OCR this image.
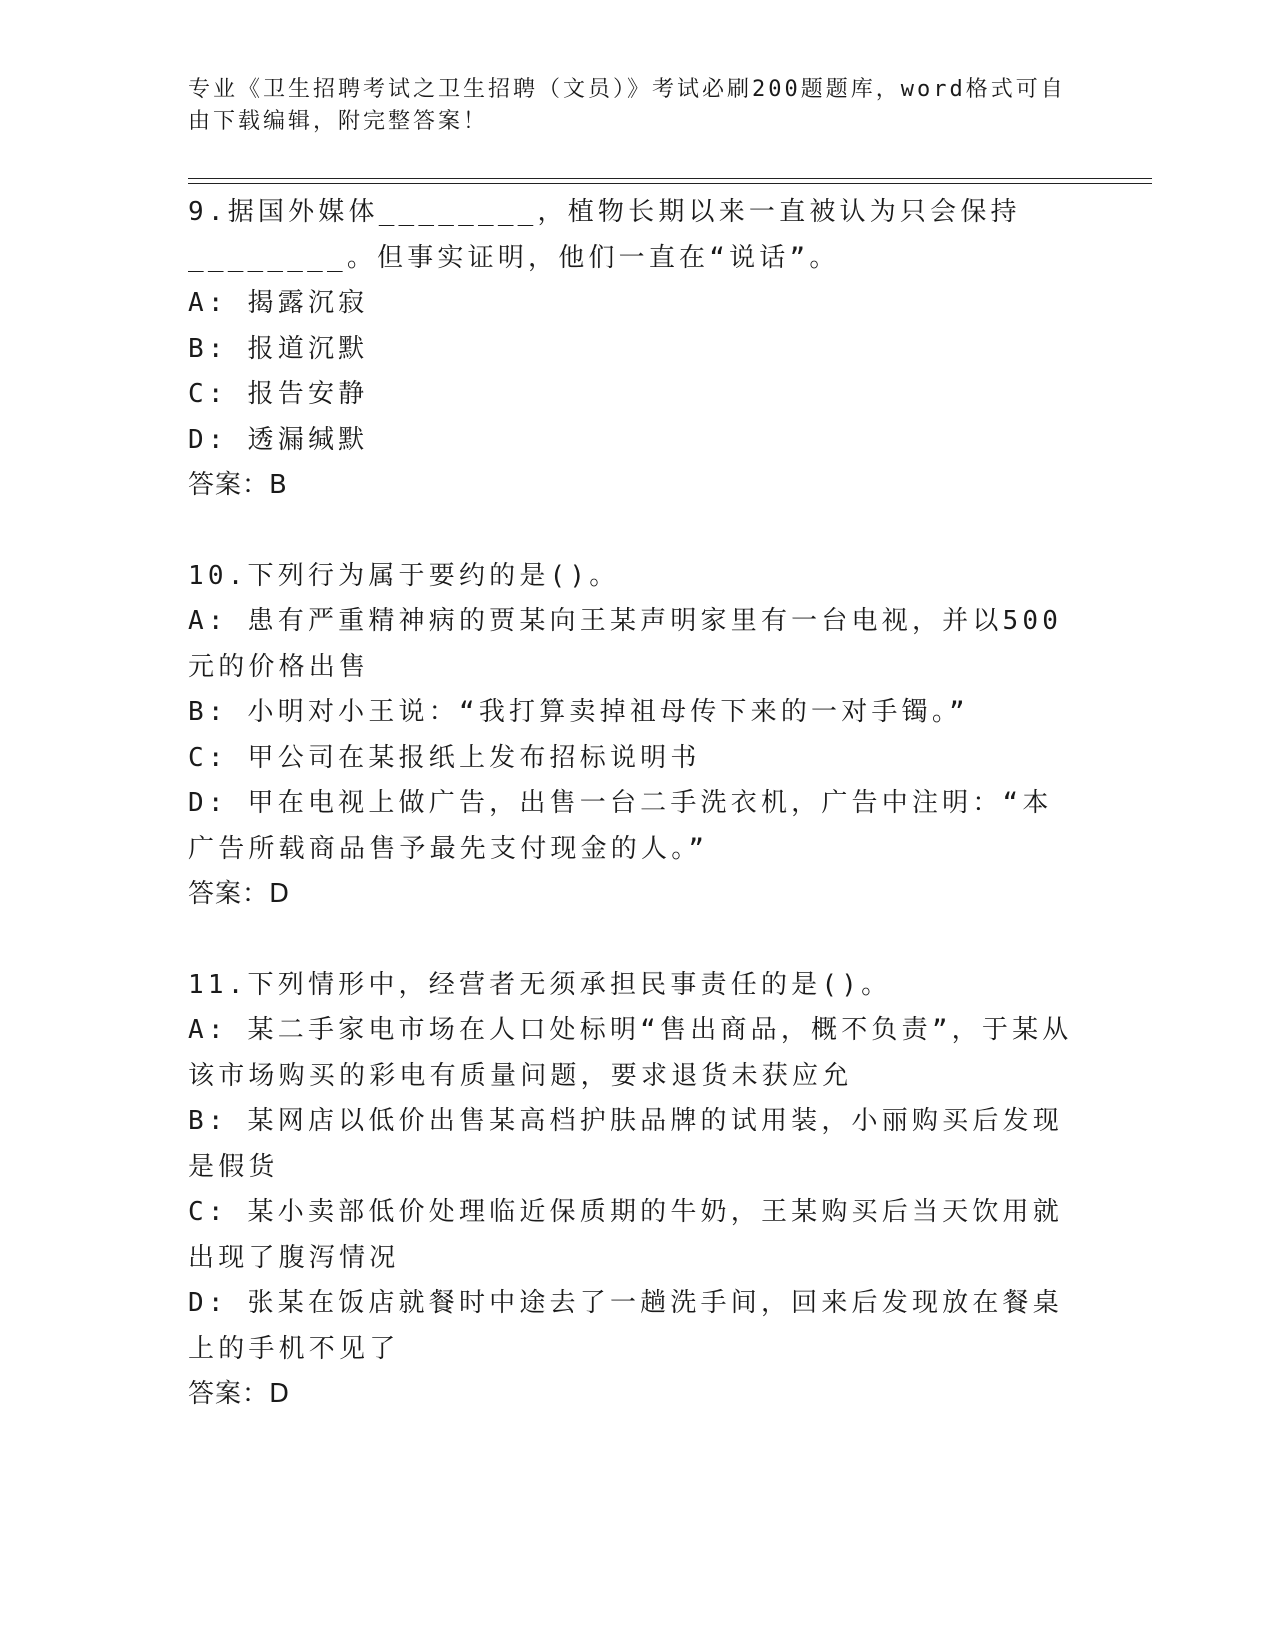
专业《卫生招聘考试之卫生招聘（文员）》考试必刷200题题库，word格式可自由下载编辑，附完整答案！

9.据国外媒体________，植物长期以来一直被认为只会保持________。但事实证明，他们一直在“说话”。

A: 揭露沉寂

B: 报道沉默

C: 报告安静

D: 透漏缄默

答案：B

10.下列行为属于要约的是()。

A: 患有严重精神病的贾某向王某声明家里有一台电视，并以500元的价格出售

B: 小明对小王说：“我打算卖掉祖母传下来的一对手镯。”

C: 甲公司在某报纸上发布招标说明书

D: 甲在电视上做广告，出售一台二手洗衣机，广告中注明：“本广告所载商品售予最先支付现金的人。”

答案：D

11.下列情形中，经营者无须承担民事责任的是()。

A: 某二手家电市场在人口处标明“售出商品，概不负责”，于某从该市场购买的彩电有质量问题，要求退货未获应允

B: 某网店以低价出售某高档护肤品牌的试用装，小丽购买后发现是假货

C: 某小卖部低价处理临近保质期的牛奶，王某购买后当天饮用就出现了腹泻情况

D: 张某在饭店就餐时中途去了一趟洗手间，回来后发现放在餐桌上的手机不见了

答案：D
